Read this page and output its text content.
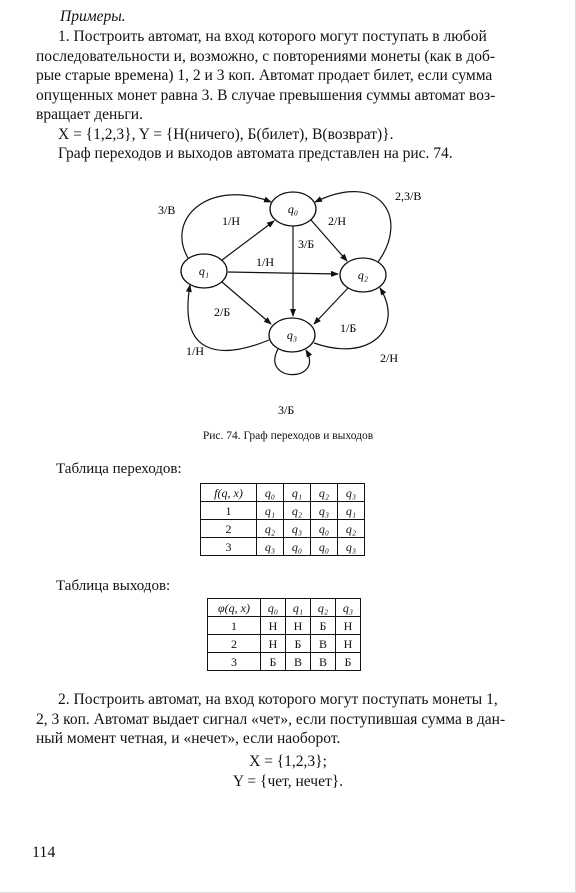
Примеры.
1. Построить автомат, на вход которого могут поступать в любой
последовательности и, возможно, с повторениями монеты (как в доб-
рые старые времена) 1, 2 и 3 коп. Автомат продает билет, если сумма
опущенных монет равна 3. В случае превышения суммы автомат воз-
вращает деньги.
X = {1,2,3}, Y = {Н(ничего), Б(билет), В(возврат)}.
Граф переходов и выходов автомата представлен на рис. 74.
q₀
q₁	q₂
q₃
3/В
1/Н	2/Н
2,3/В
3/Б
1/Н
2/Б
1/Б
1/Н	2/Н
3/Б
Рис. 74. Граф переходов и выходов
Таблица переходов:
f(q, x)	q₀	q₁	q₂	q₃
1	q₁	q₂	q₃	q₁
2	q₂	q₃	q₀	q₂
3	q₃	q₀	q₀	q₃
Таблица выходов:
φ(q, x)	q₀	q₁	q₂	q₃
1	Н	Н	Б	Н
2	Н	Б	В	Н
3	Б	В	В	Б
2. Построить автомат, на вход которого могут поступать монеты 1,
2, 3 коп. Автомат выдает сигнал «чет», если поступившая сумма в дан-
ный момент четная, и «нечет», если наоборот.
X = {1,2,3};
Y = {чет, нечет}.
114
